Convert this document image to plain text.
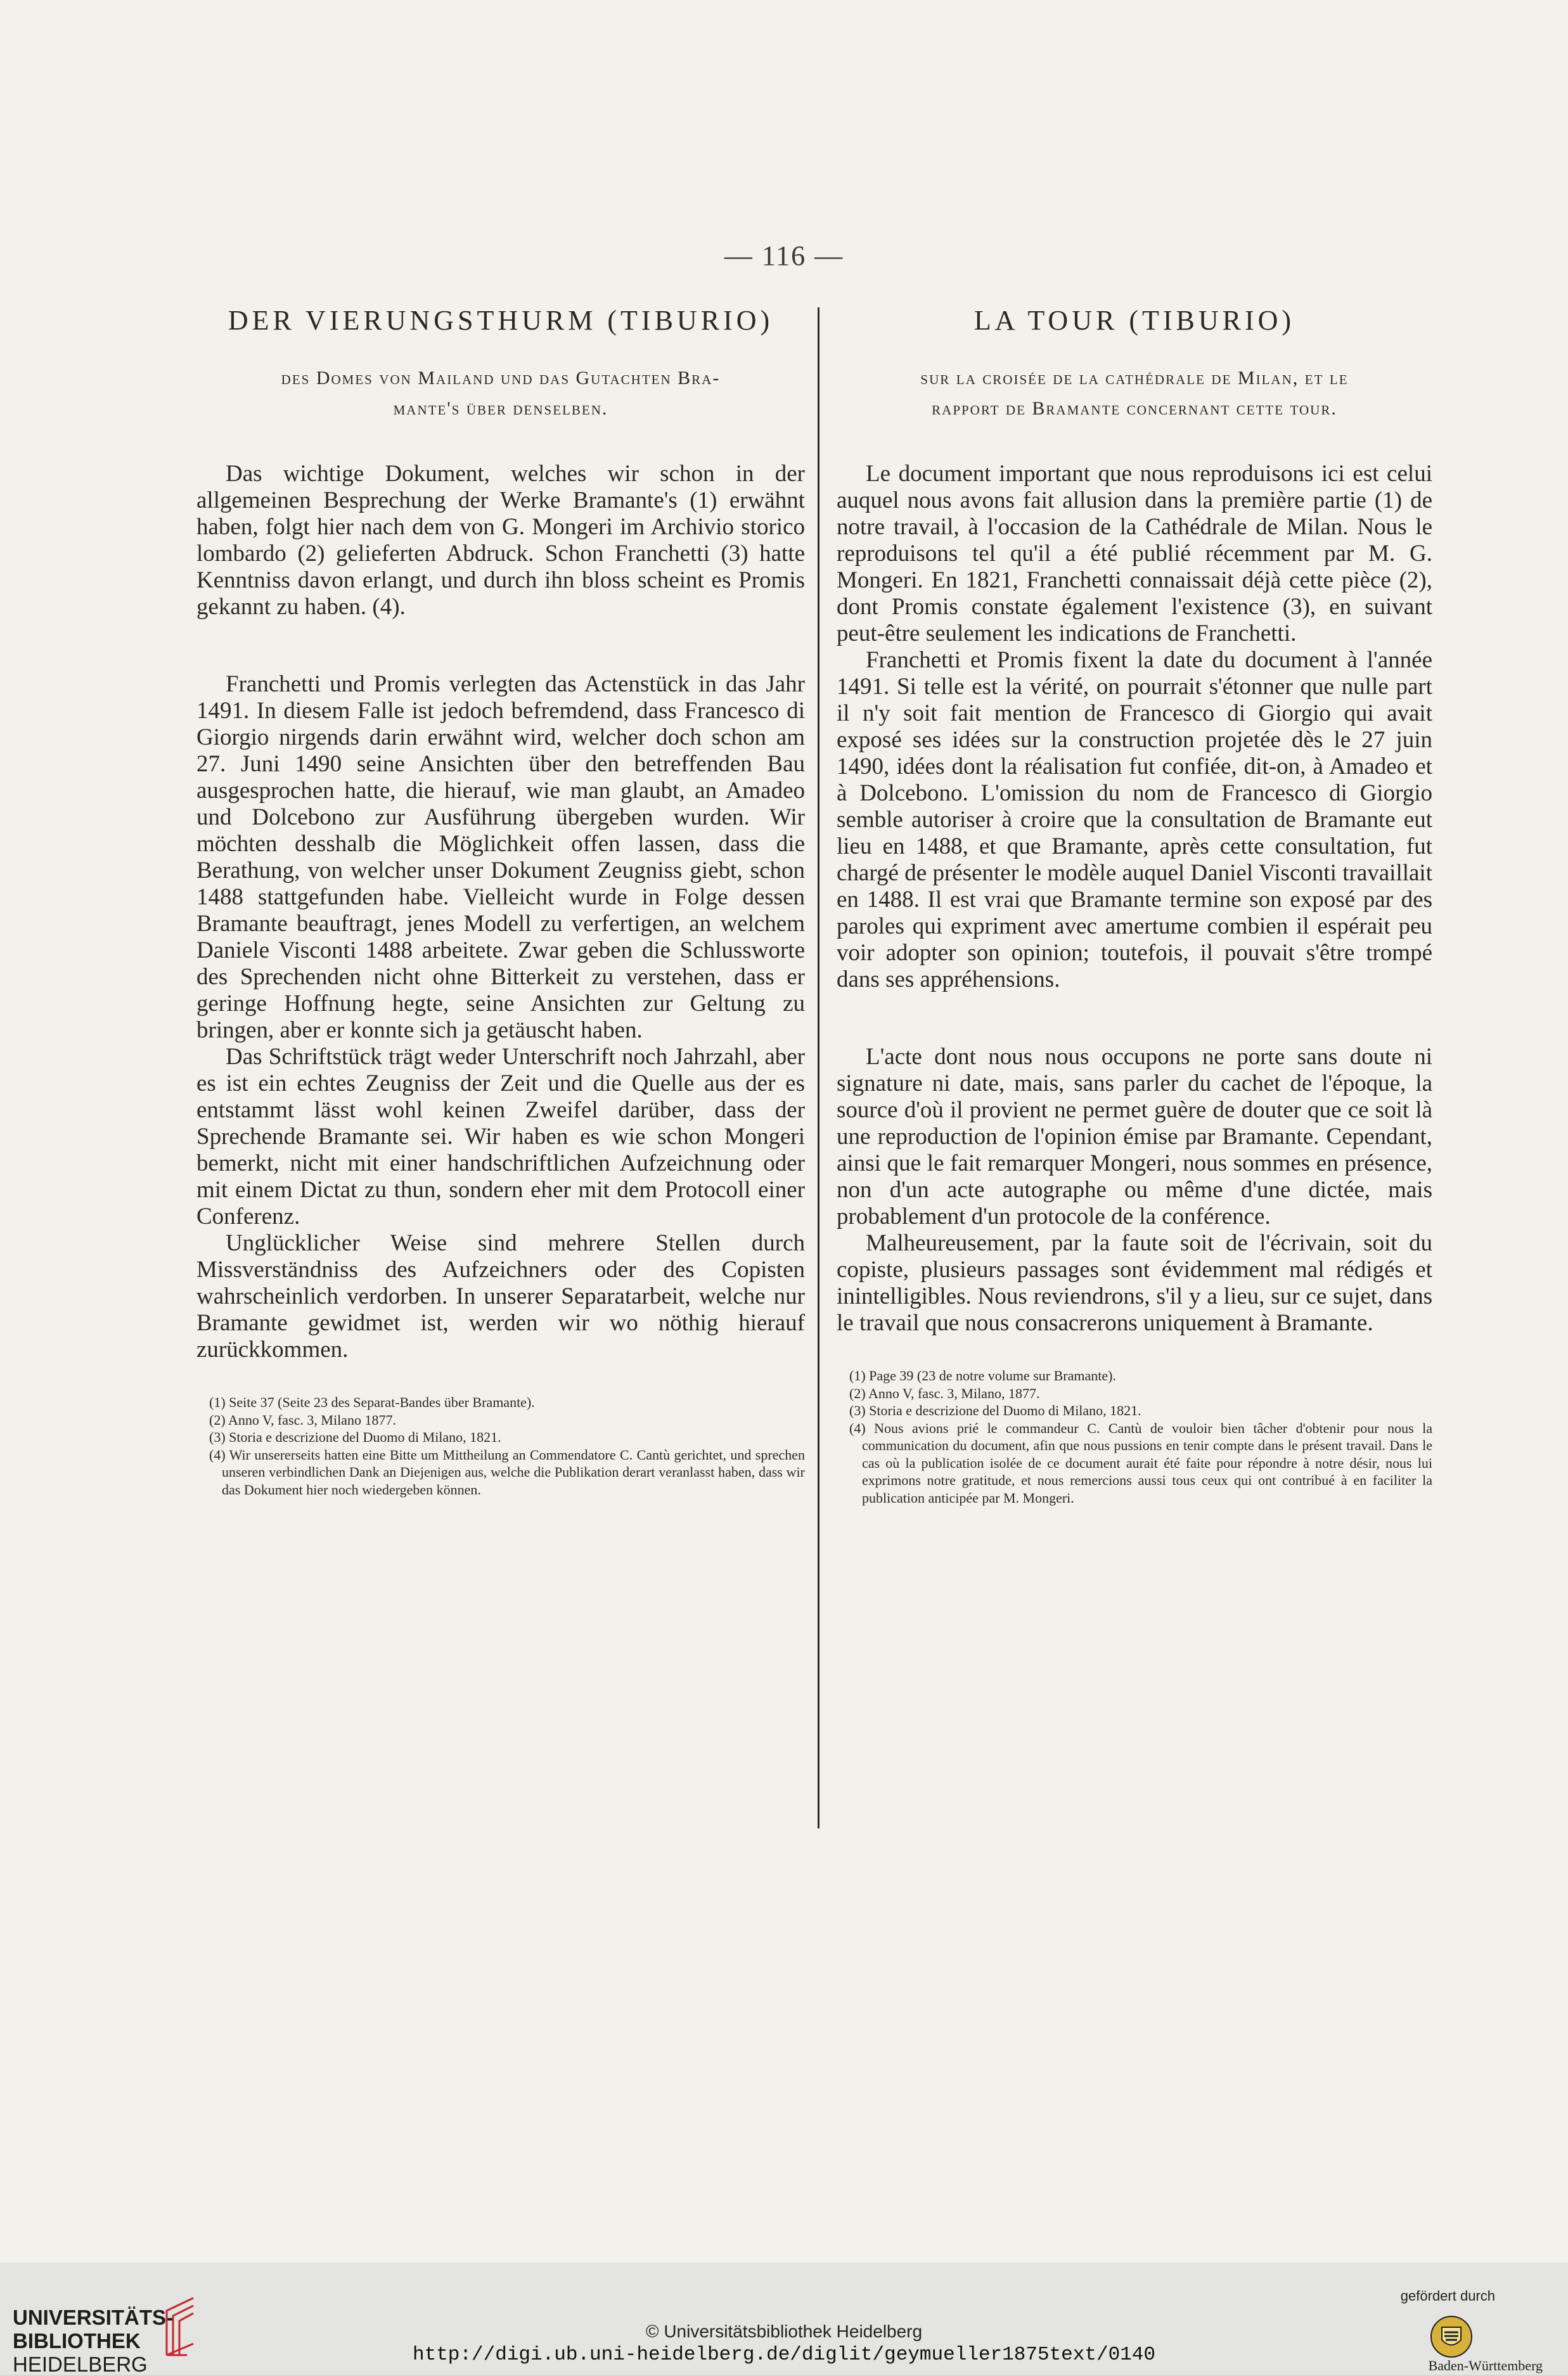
— 116 —
DER VIERUNGSTHURM (TIBURIO)
des Domes von Mailand und das Gutachten Bra-
mante's über denselben.

Das wichtige Dokument, welches wir schon in der allgemeinen Besprechung der Werke Bramante's (1) erwähnt haben, folgt hier nach dem von G. Mongeri im Archivio storico lombardo (2) gelieferten Abdruck. Schon Franchetti (3) hatte Kenntniss davon erlangt, und durch ihn bloss scheint es Promis gekannt zu haben. (4).

Franchetti und Promis verlegten das Actenstück in das Jahr 1491. In diesem Falle ist jedoch befremdend, dass Francesco di Giorgio nirgends darin erwähnt wird, welcher doch schon am 27. Juni 1490 seine Ansichten über den betreffenden Bau ausgesprochen hatte, die hierauf, wie man glaubt, an Amadeo und Dolcebono zur Ausführung übergeben wurden. Wir möchten desshalb die Möglichkeit offen lassen, dass die Berathung, von welcher unser Dokument Zeugniss giebt, schon 1488 stattgefunden habe. Vielleicht wurde in Folge dessen Bramante beauftragt, jenes Modell zu verfertigen, an welchem Daniele Visconti 1488 arbeitete. Zwar geben die Schlussworte des Sprechenden nicht ohne Bitterkeit zu verstehen, dass er geringe Hoffnung hegte, seine Ansichten zur Geltung zu bringen, aber er konnte sich ja getäuscht haben.

Das Schriftstück trägt weder Unterschrift noch Jahrzahl, aber es ist ein echtes Zeugniss der Zeit und die Quelle aus der es entstammt lässt wohl keinen Zweifel darüber, dass der Sprechende Bramante sei. Wir haben es wie schon Mongeri bemerkt, nicht mit einer handschriftlichen Aufzeichnung oder mit einem Dictat zu thun, sondern eher mit dem Protocoll einer Conferenz.

Unglücklicher Weise sind mehrere Stellen durch Missverständniss des Aufzeichners oder des Copisten wahrscheinlich verdorben. In unserer Separatarbeit, welche nur Bramante gewidmet ist, werden wir wo nöthig hierauf zurückkommen.

(1) Seite 37 (Seite 23 des Separat-Bandes über Bramante).

(2) Anno V, fasc. 3, Milano 1877.

(3) Storia e descrizione del Duomo di Milano, 1821.

(4) Wir unsererseits hatten eine Bitte um Mittheilung an Commendatore C. Cantù gerichtet, und sprechen unseren verbindlichen Dank an Diejenigen aus, welche die Publikation derart veranlasst haben, dass wir das Dokument hier noch wiedergeben können.

LA TOUR (TIBURIO)
sur la croisée de la cathédrale de Milan, et le
rapport de Bramante concernant cette tour.

Le document important que nous reproduisons ici est celui auquel nous avons fait allusion dans la première partie (1) de notre travail, à l'occasion de la Cathédrale de Milan. Nous le reproduisons tel qu'il a été publié récemment par M. G. Mongeri. En 1821, Franchetti connaissait déjà cette pièce (2), dont Promis constate également l'existence (3), en suivant peut-être seulement les indications de Franchetti.

Franchetti et Promis fixent la date du document à l'année 1491. Si telle est la vérité, on pourrait s'étonner que nulle part il n'y soit fait mention de Francesco di Giorgio qui avait exposé ses idées sur la construction projetée dès le 27 juin 1490, idées dont la réalisation fut confiée, dit-on, à Amadeo et à Dolcebono. L'omission du nom de Francesco di Giorgio semble autoriser à croire que la consultation de Bramante eut lieu en 1488, et que Bramante, après cette consultation, fut chargé de présenter le modèle auquel Daniel Visconti travaillait en 1488. Il est vrai que Bramante termine son exposé par des paroles qui expriment avec amertume combien il espérait peu voir adopter son opinion; toutefois, il pouvait s'être trompé dans ses appréhensions.

L'acte dont nous nous occupons ne porte sans doute ni signature ni date, mais, sans parler du cachet de l'époque, la source d'où il provient ne permet guère de douter que ce soit là une reproduction de l'opinion émise par Bramante. Cependant, ainsi que le fait remarquer Mongeri, nous sommes en présence, non d'un acte autographe ou même d'une dictée, mais probablement d'un protocole de la conférence.

Malheureusement, par la faute soit de l'écrivain, soit du copiste, plusieurs passages sont évidemment mal rédigés et inintelligibles. Nous reviendrons, s'il y a lieu, sur ce sujet, dans le travail que nous consacrerons uniquement à Bramante.

(1) Page 39 (23 de notre volume sur Bramante).

(2) Anno V, fasc. 3, Milano, 1877.

(3) Storia e descrizione del Duomo di Milano, 1821.

(4) Nous avions prié le commandeur C. Cantù de vouloir bien tâcher d'obtenir pour nous la communication du document, afin que nous pussions en tenir compte dans le présent travail. Dans le cas où la publication isolée de ce document aurait été faite pour répondre à notre désir, nous lui exprimons notre gratitude, et nous remercions aussi tous ceux qui ont contribué à en faciliter la publication anticipée par M. Mongeri.

UNIVERSITÄTS-
BIBLIOTHEK
HEIDELBERG
© Universitätsbibliothek Heidelberg
http://digi.ub.uni-heidelberg.de/diglit/geymueller1875text/0140
gefördert durch
Baden-Württemberg
